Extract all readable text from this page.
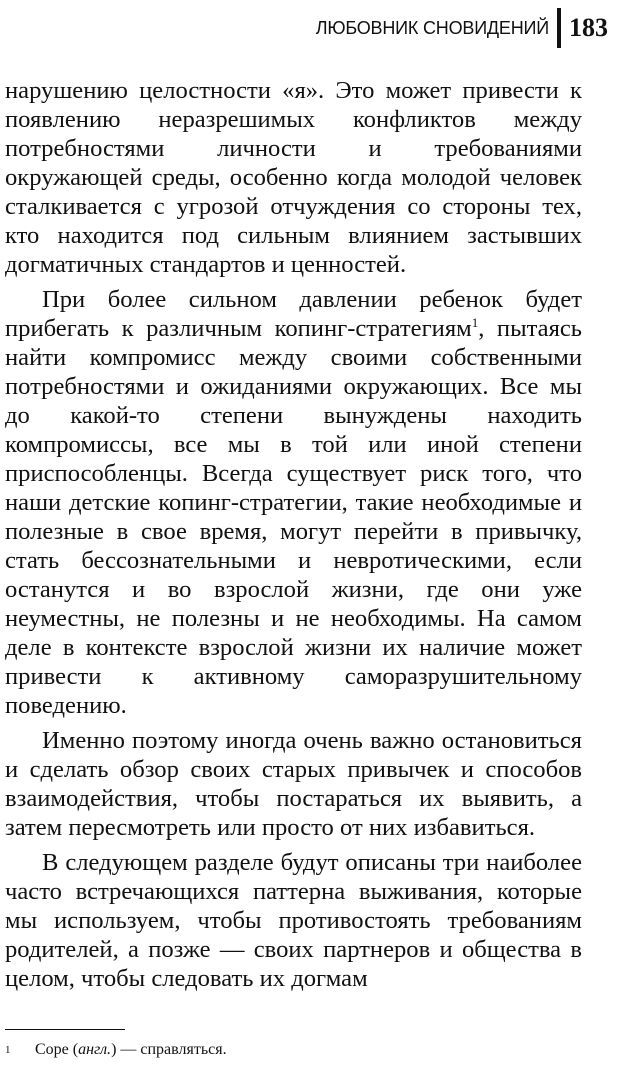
ЛЮБОВНИК СНОВИДЕНИЙ 183

нарушению целостности «я». Это может привести к появлению неразрешимых конфликтов между потребностями личности и требованиями окружающей среды, особенно когда молодой человек сталкивается с угрозой отчуждения со стороны тех, кто находится под сильным влиянием застывших догматичных стандартов и ценностей.

При более сильном давлении ребенок будет прибегать к различным копинг-стратегиям$^1$, пытаясь найти компромисс между своими собственными потребностями и ожиданиями окружающих. Все мы до какой-то степени вынуждены находить компромиссы, все мы в той или иной степени приспособленцы. Всегда существует риск того, что наши детские копинг-стратегии, такие необходимые и полезные в свое время, могут перейти в привычку, стать бессознательными и невротическими, если останутся и во взрослой жизни, где они уже неуместны, не полезны и не необходимы. На самом деле в контексте взрослой жизни их наличие может привести к активному саморазрушительному поведению.

Именно поэтому иногда очень важно остановиться и сделать обзор своих старых привычек и способов взаимодействия, чтобы постараться их выявить, а затем пересмотреть или просто от них избавиться.

В следующем разделе будут описаны три наиболее часто встречающихся паттерна выживания, которые мы используем, чтобы противостоять требованиям родителей, а позже — своих партнеров и общества в целом, чтобы следовать их догмам

1 Cope (англ.) — справляться.
